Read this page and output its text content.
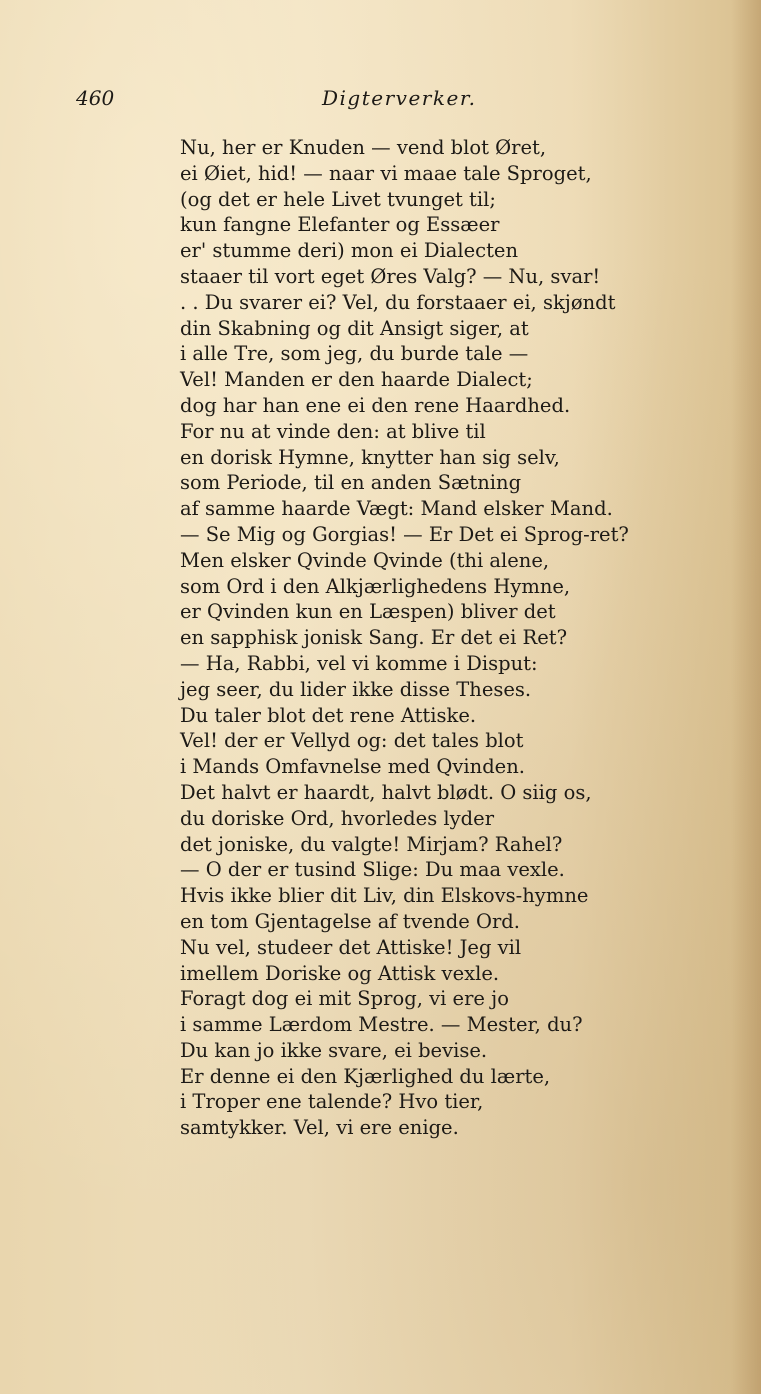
460	Digterverker.
Nu, her er Knuden — vend blot Øret,
ei Øiet, hid! — naar vi maae tale Sproget,
(og det er hele Livet tvunget til;
kun fangne Elefanter og Essæer
er' stumme deri) mon ei Dialecten
staaer til vort eget Øres Valg? — Nu, svar!
. . Du svarer ei? Vel, du forstaaer ei, skjøndt
din Skabning og dit Ansigt siger, at
i alle Tre, som jeg, du burde tale —
Vel! Manden er den haarde Dialect;
dog har han ene ei den rene Haardhed.
For nu at vinde den: at blive til
en dorisk Hymne, knytter han sig selv,
som Periode, til en anden Sætning
af samme haarde Vægt: Mand elsker Mand.
— Se Mig og Gorgias! — Er Det ei Sprog-ret?
Men elsker Qvinde Qvinde (thi alene,
som Ord i den Alkjærlighedens Hymne,
er Qvinden kun en Læspen) bliver det
en sapphisk jonisk Sang. Er det ei Ret?
— Ha, Rabbi, vel vi komme i Disput:
jeg seer, du lider ikke disse Theses.
Du taler blot det rene Attiske.
Vel! der er Vellyd og: det tales blot
i Mands Omfavnelse med Qvinden.
Det halvt er haardt, halvt blødt. O siig os,
du doriske Ord, hvorledes lyder
det joniske, du valgte! Mirjam? Rahel?
— O der er tusind Slige: Du maa vexle.
Hvis ikke blier dit Liv, din Elskovs-hymne
en tom Gjentagelse af tvende Ord.
Nu vel, studeer det Attiske! Jeg vil
imellem Doriske og Attisk vexle.
Foragt dog ei mit Sprog, vi ere jo
i samme Lærdom Mestre. — Mester, du?
Du kan jo ikke svare, ei bevise.
Er denne ei den Kjærlighed du lærte,
i Troper ene talende? Hvo tier,
samtykker. Vel, vi ere enige.
